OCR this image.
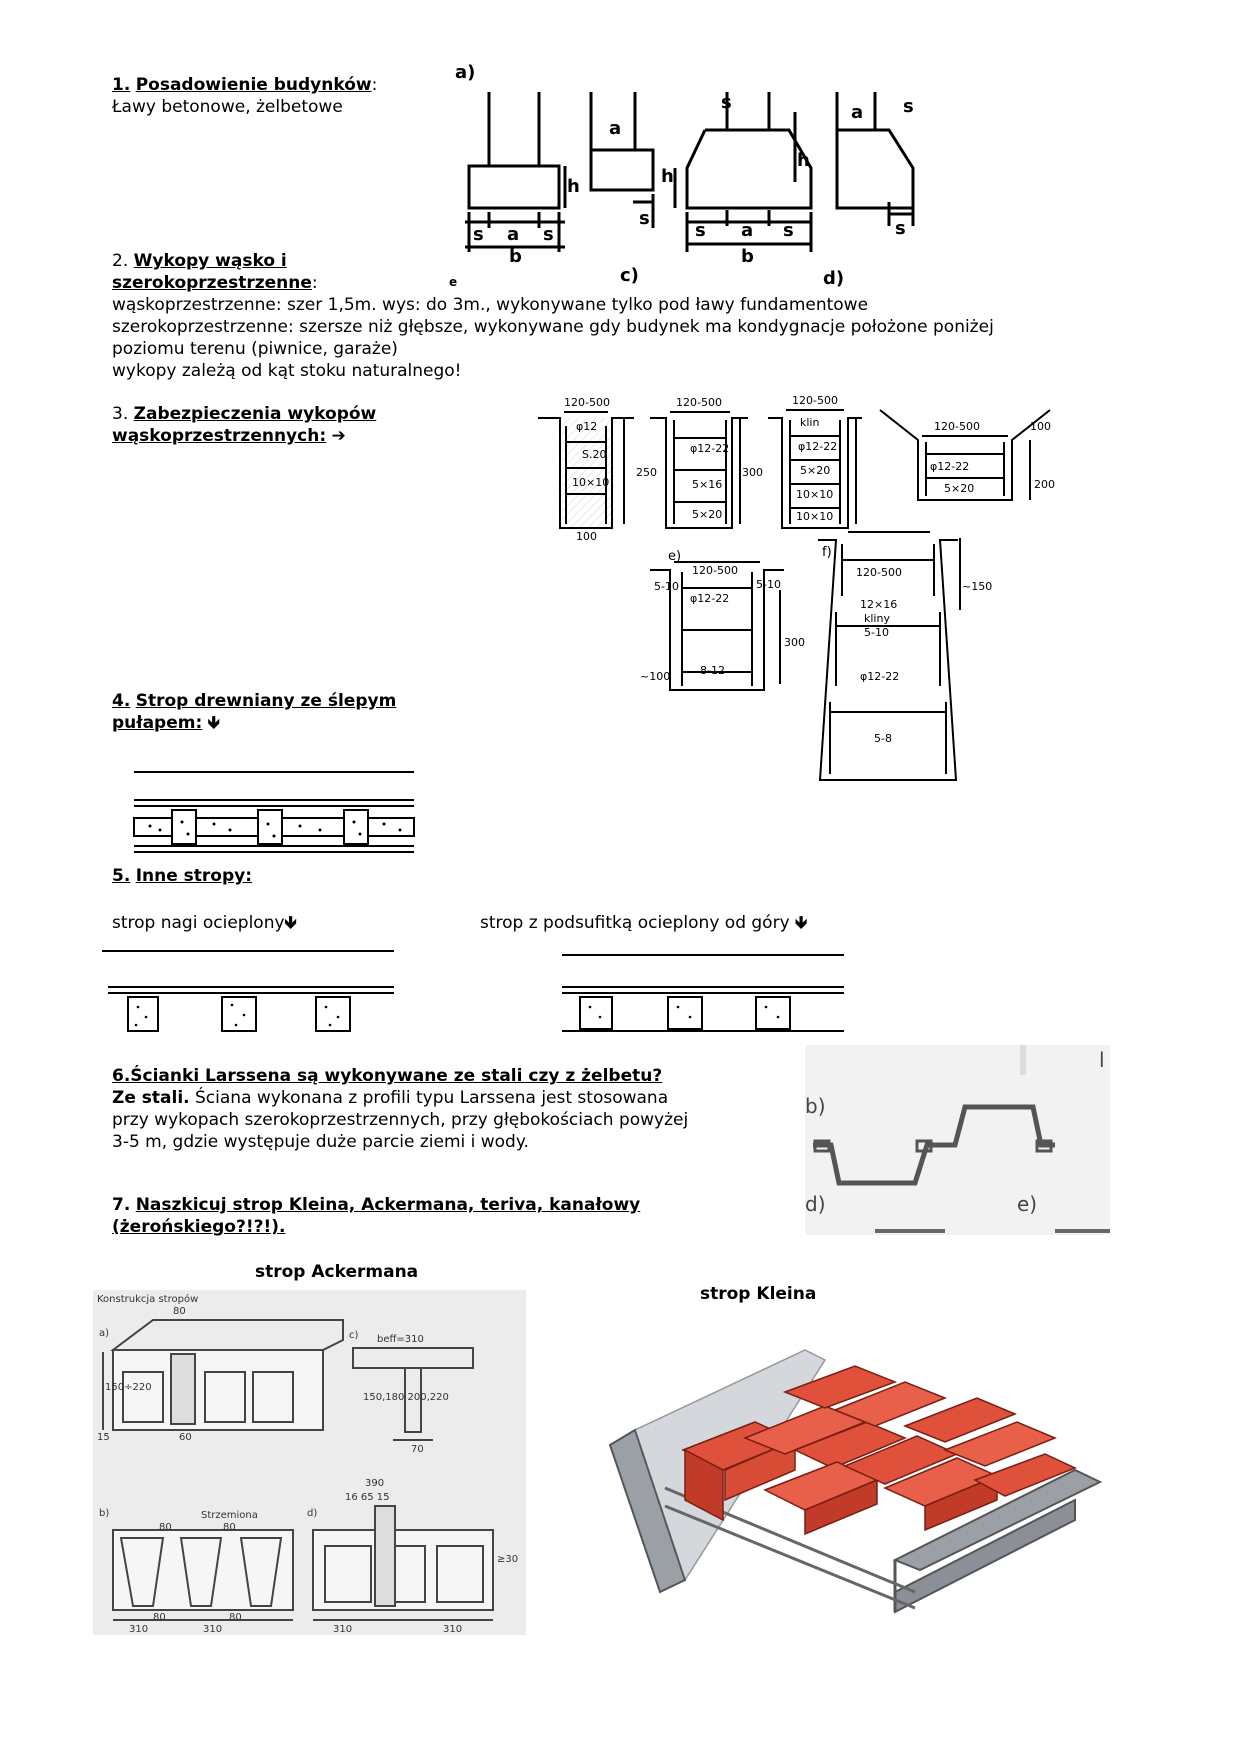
1. Posadowienie budynków:
Ławy betonowe, żelbetowe
a)
s a s
b
h
a
s
h
s a s
b
s
h
a s
s
e	c)	d)
2. Wykopy wąsko i
szerokoprzestrzenne:
wąskoprzestrzenne: szer 1,5m. wys: do 3m., wykonywane tylko pod ławy fundamentowe
szerokoprzestrzenne: szersze niż głębsze, wykonywane gdy budynek ma kondygnacje położone poniżej
poziomu terenu (piwnice, garaże)
wykopy zależą od kąt stoku naturalnego!
3. Zabezpieczenia wykopów
wąskoprzestrzennych: ➔
120-500
φ12
S.20
10×10
100
250
120-500
φ12-22
5×16
5×20
300
120-500
klin
φ12-22
5×20
10×10
10×10
120-500
φ12-22
5×20	200
100
e)	f)
120-500
5-10	5-10
φ12-22
8-12
300
~100
120-500
12×16
kliny
5-10
φ12-22
5-8
~150
4. Strop drewniany ze ślepym
pułapem: 🡻
5. Inne stropy:
strop nagi ocieplony🡻	strop z podsufitką ocieplony od góry 🡻
6.Ścianki Larssena są wykonywane ze stali czy z żelbetu?
Ze stali. Ściana wykonana z profili typu Larssena jest stosowana
przy wykopach szerokoprzestrzennych, przy głębokościach powyżej
3-5 m, gdzie występuje duże parcie ziemi i wody.
b)
d)	e)
l
7. Naszkicuj strop Kleina, Ackermana, teriva, kanałowy
(żerońskiego?!?!).
strop Ackermana
strop Kleina
Konstrukcja stropów
a)	c)
b)	d)
80
60
15
150÷220
beff=310
150,180 200,220
70
Strzemiona
80	80
390
16 65 15
≥30
310	310
80	80
310	310
